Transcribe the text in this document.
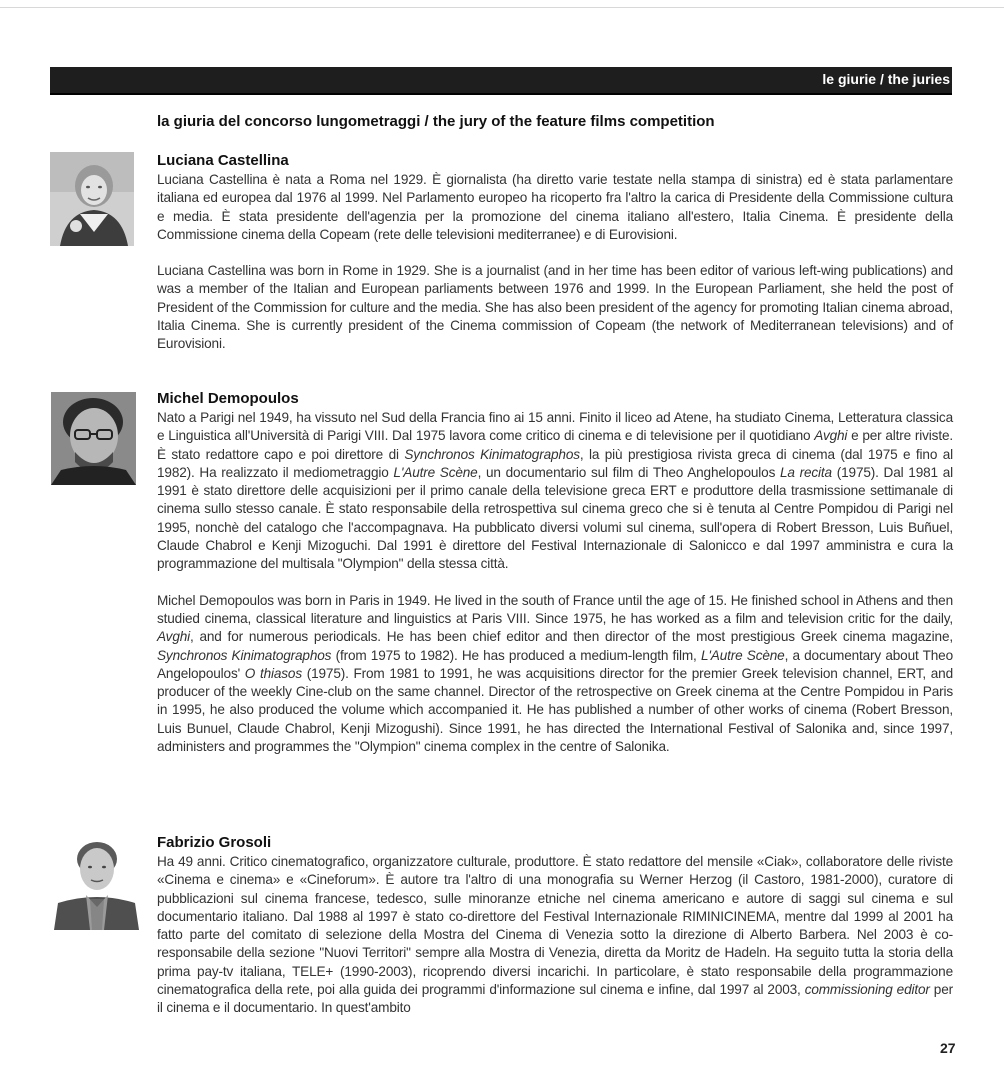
le giurie / the juries
la giuria del concorso lungometraggi / the jury of the feature films competition
Luciana Castellina

Luciana Castellina è nata a Roma nel 1929. È giornalista (ha diretto varie testate nella stampa di sinistra) ed è stata parlamentare italiana ed europea dal 1976 al 1999. Nel Parlamento europeo ha ricoperto fra l'altro la carica di Presidente della Commissione cultura e media. È stata presidente dell'agenzia per la promozione del cinema italiano all'estero, Italia Cinema. È presidente della Commissione cinema della Copeam (rete delle televisioni mediterranee) e di Eurovisioni.

Luciana Castellina was born in Rome in 1929. She is a journalist (and in her time has been editor of various left-wing publications) and was a member of the Italian and European parliaments between 1976 and 1999. In the European Parliament, she held the post of President of the Commission for culture and the media. She has also been president of the agency for promoting Italian cinema abroad, Italia Cinema. She is currently president of the Cinema commission of Copeam (the network of Mediterranean televisions) and of Eurovisioni.

Michel Demopoulos

Nato a Parigi nel 1949, ha vissuto nel Sud della Francia fino ai 15 anni. Finito il liceo ad Atene, ha studiato Cinema, Letteratura classica e Linguistica all'Università di Parigi VIII. Dal 1975 lavora come critico di cinema e di televisione per il quotidiano Avghi e per altre riviste. È stato redattore capo e poi direttore di Synchronos Kinimatographos, la più prestigiosa rivista greca di cinema (dal 1975 e fino al 1982). Ha realizzato il mediometraggio L'Autre Scène, un documentario sul film di Theo Anghelopoulos La recita (1975). Dal 1981 al 1991 è stato direttore delle acquisizioni per il primo canale della televisione greca ERT e produttore della trasmissione settimanale di cinema sullo stesso canale. È stato responsabile della retrospettiva sul cinema greco che si è tenuta al Centre Pompidou di Parigi nel 1995, nonchè del catalogo che l'accompagnava. Ha pubblicato diversi volumi sul cinema, sull'opera di Robert Bresson, Luis Buñuel, Claude Chabrol e Kenji Mizoguchi. Dal 1991 è direttore del Festival Internazionale di Salonicco e dal 1997 amministra e cura la programmazione del multisala "Olympion" della stessa città.

Michel Demopoulos was born in Paris in 1949. He lived in the south of France until the age of 15. He finished school in Athens and then studied cinema, classical literature and linguistics at Paris VIII. Since 1975, he has worked as a film and television critic for the daily, Avghi, and for numerous periodicals. He has been chief editor and then director of the most prestigious Greek cinema magazine, Synchronos Kinimatographos (from 1975 to 1982). He has produced a medium-length film, L'Autre Scène, a documentary about Theo Angelopoulos' O thiasos (1975). From 1981 to 1991, he was acquisitions director for the premier Greek television channel, ERT, and producer of the weekly Cine-club on the same channel. Director of the retrospective on Greek cinema at the Centre Pompidou in Paris in 1995, he also produced the volume which accompanied it. He has published a number of other works of cinema (Robert Bresson, Luis Bunuel, Claude Chabrol, Kenji Mizogushi). Since 1991, he has directed the International Festival of Salonika and, since 1997, administers and programmes the "Olympion" cinema complex in the centre of Salonika.

Fabrizio Grosoli

Ha 49 anni. Critico cinematografico, organizzatore culturale, produttore. È stato redattore del mensile «Ciak», collaboratore delle riviste «Cinema e cinema» e «Cineforum». È autore tra l'altro di una monografia su Werner Herzog (il Castoro, 1981-2000), curatore di pubblicazioni sul cinema francese, tedesco, sulle minoranze etniche nel cinema americano e autore di saggi sul cinema e sul documentario italiano. Dal 1988 al 1997 è stato co-direttore del Festival Internazionale RIMINICINEMA, mentre dal 1999 al 2001 ha fatto parte del comitato di selezione della Mostra del Cinema di Venezia sotto la direzione di Alberto Barbera. Nel 2003 è co-responsabile della sezione "Nuovi Territori" sempre alla Mostra di Venezia, diretta da Moritz de Hadeln. Ha seguito tutta la storia della prima pay-tv italiana, TELE+ (1990-2003), ricoprendo diversi incarichi. In particolare, è stato responsabile della programmazione cinematografica della rete, poi alla guida dei programmi d'informazione sul cinema e infine, dal 1997 al 2003, commissioning editor per il cinema e il documentario. In quest'ambito

27
